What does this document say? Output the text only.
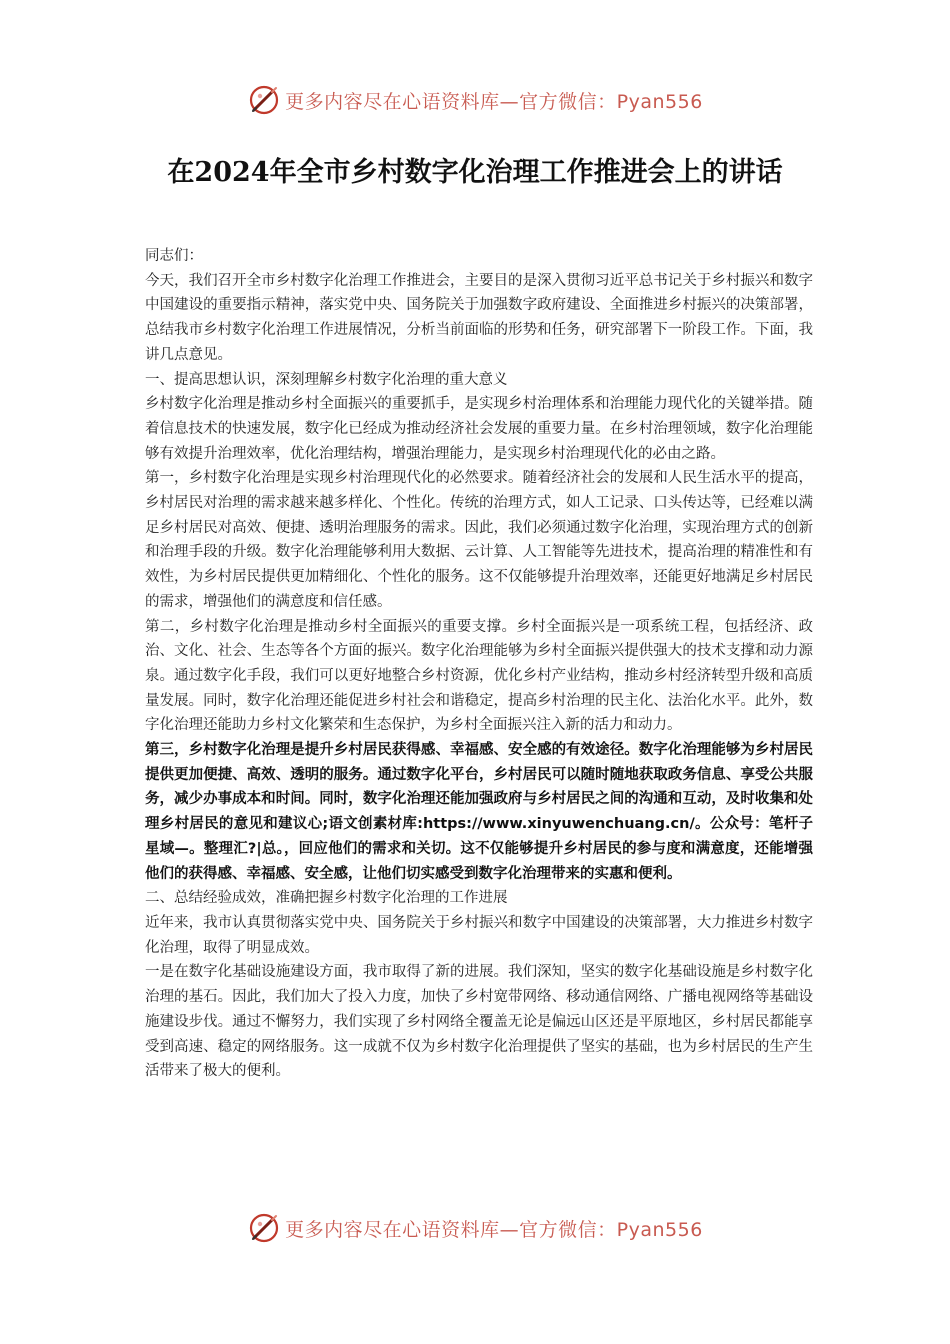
更多内容尽在心语资料库—官方微信：Pyan556
在2024年全市乡村数字化治理工作推进会上的讲话

同志们：

今天，我们召开全市乡村数字化治理工作推进会，主要目的是深入贯彻习近平总书记关于乡村振兴和数字中国建设的重要指示精神，落实党中央、国务院关于加强数字政府建设、全面推进乡村振兴的决策部署，总结我市乡村数字化治理工作进展情况，分析当前面临的形势和任务，研究部署下一阶段工作。下面，我讲几点意见。

一、提高思想认识，深刻理解乡村数字化治理的重大意义

乡村数字化治理是推动乡村全面振兴的重要抓手，是实现乡村治理体系和治理能力现代化的关键举措。随着信息技术的快速发展，数字化已经成为推动经济社会发展的重要力量。在乡村治理领域，数字化治理能够有效提升治理效率，优化治理结构，增强治理能力，是实现乡村治理现代化的必由之路。

第一，乡村数字化治理是实现乡村治理现代化的必然要求。随着经济社会的发展和人民生活水平的提高，乡村居民对治理的需求越来越多样化、个性化。传统的治理方式，如人工记录、口头传达等，已经难以满足乡村居民对高效、便捷、透明治理服务的需求。因此，我们必须通过数字化治理，实现治理方式的创新和治理手段的升级。数字化治理能够利用大数据、云计算、人工智能等先进技术，提高治理的精准性和有效性，为乡村居民提供更加精细化、个性化的服务。这不仅能够提升治理效率，还能更好地满足乡村居民的需求，增强他们的满意度和信任感。

第二，乡村数字化治理是推动乡村全面振兴的重要支撑。乡村全面振兴是一项系统工程，包括经济、政治、文化、社会、生态等各个方面的振兴。数字化治理能够为乡村全面振兴提供强大的技术支撑和动力源泉。通过数字化手段，我们可以更好地整合乡村资源，优化乡村产业结构，推动乡村经济转型升级和高质量发展。同时，数字化治理还能促进乡村社会和谐稳定，提高乡村治理的民主化、法治化水平。此外，数字化治理还能助力乡村文化繁荣和生态保护，为乡村全面振兴注入新的活力和动力。

第三，乡村数字化治理是提升乡村居民获得感、幸福感、安全感的有效途径。数字化治理能够为乡村居民提供更加便捷、高效、透明的服务。通过数字化平台，乡村居民可以随时随地获取政务信息、享受公共服务，减少办事成本和时间。同时，数字化治理还能加强政府与乡村居民之间的沟通和互动，及时收集和处理乡村居民的意见和建议心;语文创素材库:https://www.xinyuwenchuang.cn/。公众号：笔杆子星域—。整理汇?|总。，回应他们的需求和关切。这不仅能够提升乡村居民的参与度和满意度，还能增强他们的获得感、幸福感、安全感，让他们切实感受到数字化治理带来的实惠和便利。

二、总结经验成效，准确把握乡村数字化治理的工作进展

近年来，我市认真贯彻落实党中央、国务院关于乡村振兴和数字中国建设的决策部署，大力推进乡村数字化治理，取得了明显成效。

一是在数字化基础设施建设方面，我市取得了新的进展。我们深知，坚实的数字化基础设施是乡村数字化治理的基石。因此，我们加大了投入力度，加快了乡村宽带网络、移动通信网络、广播电视网络等基础设施建设步伐。通过不懈努力，我们实现了乡村网络全覆盖无论是偏远山区还是平原地区，乡村居民都能享受到高速、稳定的网络服务。这一成就不仅为乡村数字化治理提供了坚实的基础，也为乡村居民的生产生活带来了极大的便利。

更多内容尽在心语资料库—官方微信：Pyan556
